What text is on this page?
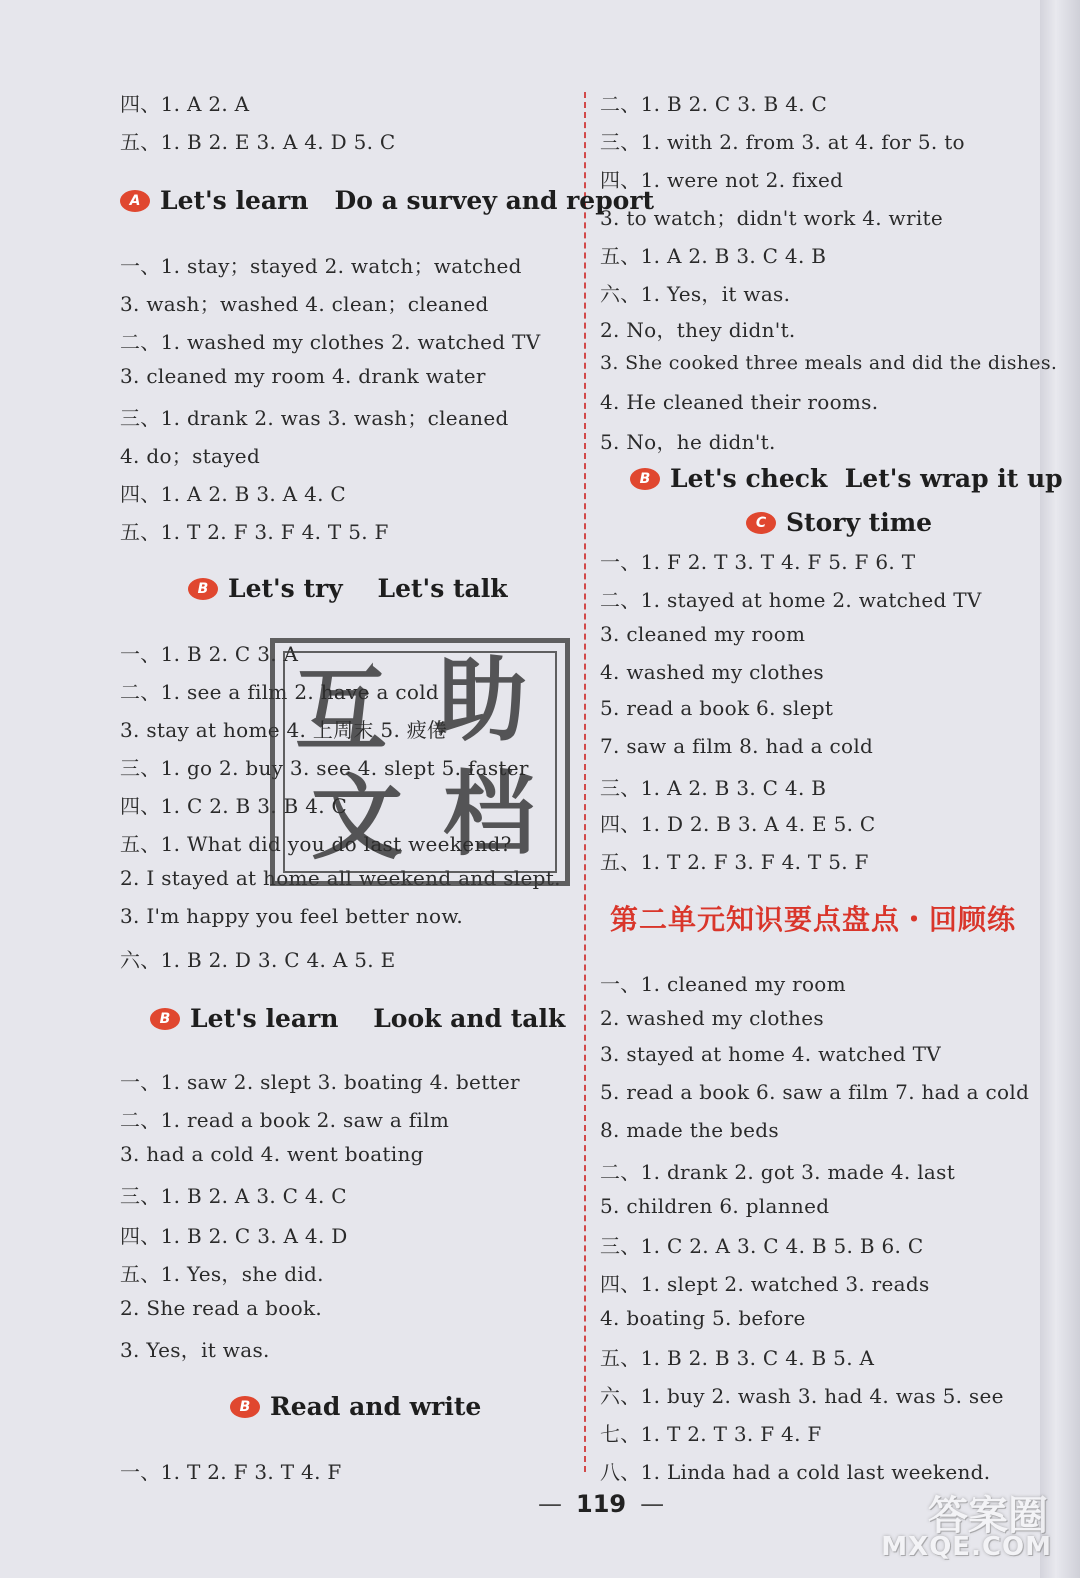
四、1. A 2. A
五、1. B 2. E 3. A 4. D 5. C
A Let's learn   Do a survey and report
一、1. stay；stayed 2. watch；watched
3. wash；washed 4. clean；cleaned
二、1. washed my clothes 2. watched TV
3. cleaned my room 4. drank water
三、1. drank 2. was 3. wash；cleaned
4. do；stayed
四、1. A 2. B 3. A 4. C
五、1. T 2. F 3. F 4. T 5. F
B Let's try    Let's talk
一、1. B 2. C 3. A
二、1. see a film 2. have a cold
3. stay at home 4. 上周末 5. 疲倦
三、1. go 2. buy 3. see 4. slept 5. faster
四、1. C 2. B 3. B 4. C
五、1. What did you do last weekend?
2. I stayed at home all weekend and slept.
3. I'm happy you feel better now.
六、1. B 2. D 3. C 4. A 5. E
B Let's learn    Look and talk
一、1. saw 2. slept 3. boating 4. better
二、1. read a book 2. saw a film
3. had a cold 4. went boating
三、1. B 2. A 3. C 4. C
四、1. B 2. C 3. A 4. D
五、1. Yes，she did.
2. She read a book.
3. Yes，it was.
B Read and write
一、1. T 2. F 3. T 4. F
二、1. B 2. C 3. B 4. C
三、1. with 2. from 3. at 4. for 5. to
四、1. were not 2. fixed
3. to watch；didn't work 4. write
五、1. A 2. B 3. C 4. B
六、1. Yes，it was.
2. No，they didn't.
3. She cooked three meals and did the dishes.
4. He cleaned their rooms.
5. No，he didn't.
B Let's check  Let's wrap it up
C Story time
一、1. F 2. T 3. T 4. F 5. F 6. T
二、1. stayed at home 2. watched TV
3. cleaned my room
4. washed my clothes
5. read a book 6. slept
7. saw a film 8. had a cold
三、1. A 2. B 3. C 4. B
四、1. D 2. B 3. A 4. E 5. C
五、1. T 2. F 3. F 4. T 5. F
一、1. cleaned my room
2. washed my clothes
3. stayed at home 4. watched TV
5. read a book 6. saw a film 7. had a cold
8. made the beds
二、1. drank 2. got 3. made 4. last
5. children 6. planned
三、1. C 2. A 3. C 4. B 5. B 6. C
四、1. slept 2. watched 3. reads
4. boating 5. before
五、1. B 2. B 3. C 4. B 5. A
六、1. buy 2. wash 3. had 4. was 5. see
七、1. T 2. T 3. F 4. F
八、1. Linda had a cold last weekend.
第二单元知识要点盘点・回顾练
互 助
文 档
— 119 —	答案圈
MXQE.COM
